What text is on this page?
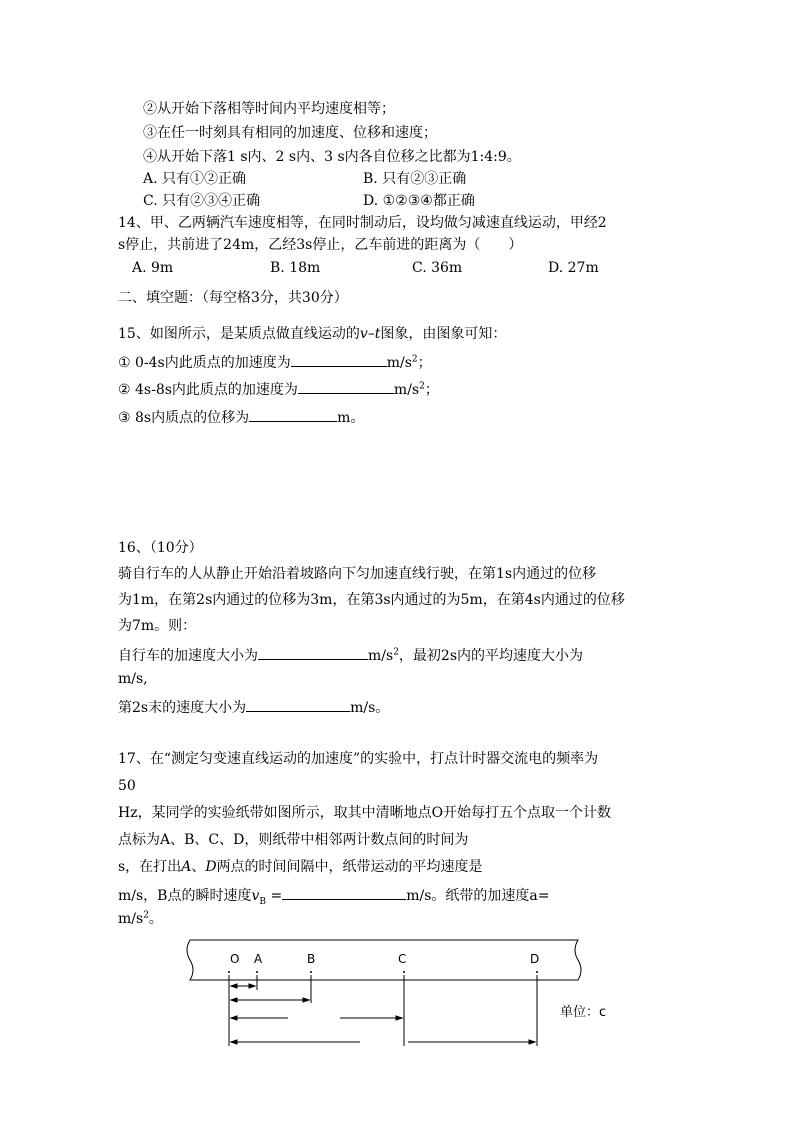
②从开始下落相等时间内平均速度相等；
③在任一时刻具有相同的加速度、位移和速度；
④从开始下落1 s内、2 s内、3 s内各自位移之比都为1:4:9。
A. 只有①②正确	B. 只有②③正确
C. 只有②③④正确	D. ①②③④都正确
14、甲、乙两辆汽车速度相等，在同时制动后，设均做匀减速直线运动，甲经2
s停止，共前进了24m，乙经3s停止，乙车前进的距离为（　　）
A. 9m	B. 18m	C. 36m	D. 27m
二、填空题：（每空格3分，共30分）
15、如图所示，是某质点做直线运动的v–t图象，由图象可知：
① 0-4s内此质点的加速度为	$m/s^2$；
② 4s-8s内此质点的加速度为	$m/s^2$；
③ 8s内质点的位移为	m。
16、（10分）
骑自行车的人从静止开始沿着坡路向下匀加速直线行驶，在第1s内通过的位移
为1m，在第2s内通过的位移为3m，在第3s内通过的为5m，在第4s内通过的位移
为7m。则：
自行车的加速度大小为	$m/s^2$，最初2s内的平均速度大小为
m/s,
第2s末的速度大小为	m/s。
17、在“测定匀变速直线运动的加速度”的实验中，打点计时器交流电的频率为
50
Hz，某同学的实验纸带如图所示，取其中清晰地点O开始每打五个点取一个计数
点标为A、B、C、D，则纸带中相邻两计数点间的时间为
s，在打出A、D两点的时间间隔中，纸带运动的平均速度是
m/s，B点的瞬时速度$v_B$ =	m/s。纸带的加速度a=
$m/s^2$。
O A	B	C	D
单位：c
